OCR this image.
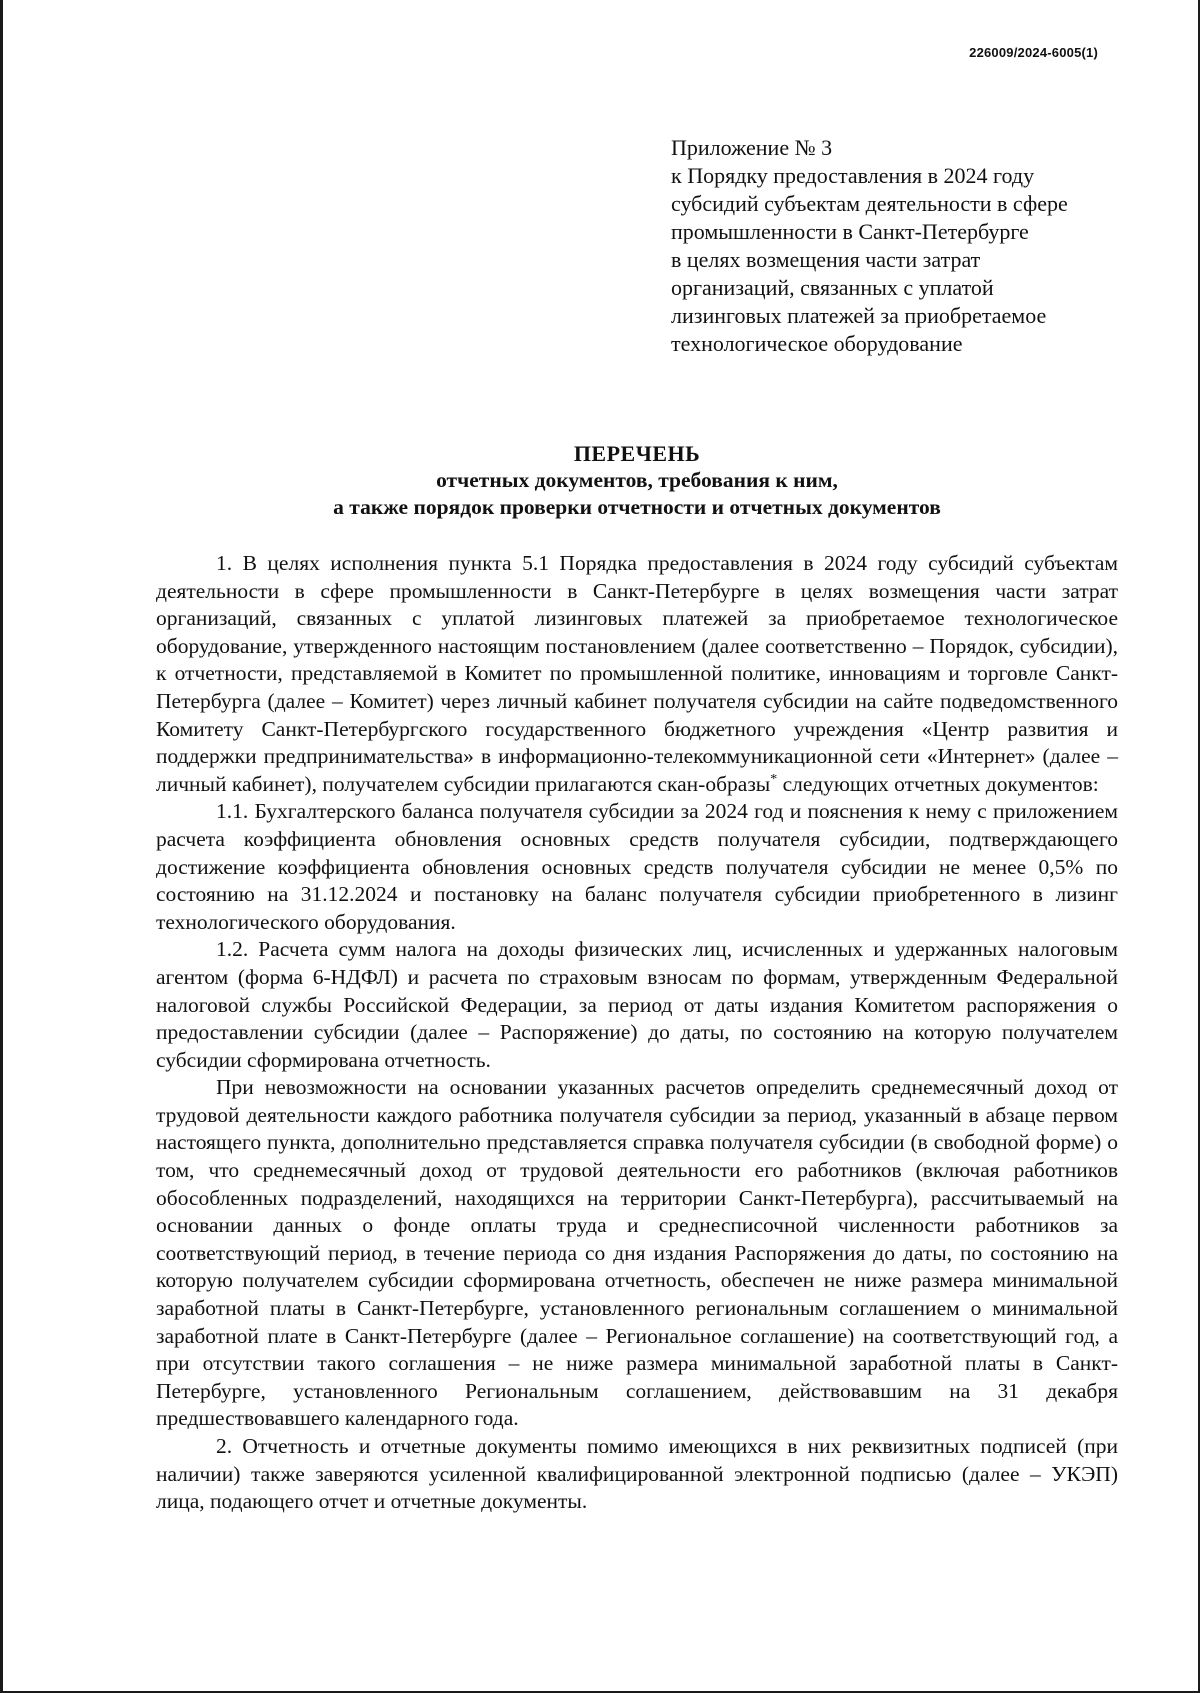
226009/2024-6005(1)
Приложение № 3
к Порядку предоставления в 2024 году
субсидий субъектам деятельности в сфере
промышленности в Санкт-Петербурге
в целях возмещения части затрат
организаций, связанных с уплатой
лизинговых платежей за приобретаемое
технологическое оборудование
ПЕРЕЧЕНЬ
отчетных документов, требования к ним,
а также порядок проверки отчетности и отчетных документов

1. В целях исполнения пункта 5.1 Порядка предоставления в 2024 году субсидий субъектам деятельности в сфере промышленности в Санкт-Петербурге в целях возмещения части затрат организаций, связанных с уплатой лизинговых платежей за приобретаемое технологическое оборудование, утвержденного настоящим постановлением (далее соответственно – Порядок, субсидии), к отчетности, представляемой в Комитет по промышленной политике, инновациям и торговле Санкт-Петербурга (далее – Комитет) через личный кабинет получателя субсидии на сайте подведомственного Комитету Санкт-Петербургского государственного бюджетного учреждения «Центр развития и поддержки предпринимательства» в информационно-телекоммуникационной сети «Интернет» (далее – личный кабинет), получателем субсидии прилагаются скан-образы* следующих отчетных документов:

1.1. Бухгалтерского баланса получателя субсидии за 2024 год и пояснения к нему с приложением расчета коэффициента обновления основных средств получателя субсидии, подтверждающего достижение коэффициента обновления основных средств получателя субсидии не менее 0,5% по состоянию на 31.12.2024 и постановку на баланс получателя субсидии приобретенного в лизинг технологического оборудования.

1.2. Расчета сумм налога на доходы физических лиц, исчисленных и удержанных налоговым агентом (форма 6-НДФЛ) и расчета по страховым взносам по формам, утвержденным Федеральной налоговой службы Российской Федерации, за период от даты издания Комитетом распоряжения о предоставлении субсидии (далее – Распоряжение) до даты, по состоянию на которую получателем субсидии сформирована отчетность.

При невозможности на основании указанных расчетов определить среднемесячный доход от трудовой деятельности каждого работника получателя субсидии за период, указанный в абзаце первом настоящего пункта, дополнительно представляется справка получателя субсидии (в свободной форме) о том, что среднемесячный доход от трудовой деятельности его работников (включая работников обособленных подразделений, находящихся на территории Санкт-Петербурга), рассчитываемый на основании данных о фонде оплаты труда и среднесписочной численности работников за соответствующий период, в течение периода со дня издания Распоряжения до даты, по состоянию на которую получателем субсидии сформирована отчетность, обеспечен не ниже размера минимальной заработной платы в Санкт-Петербурге, установленного региональным соглашением о минимальной заработной плате в Санкт-Петербурге (далее – Региональное соглашение) на соответствующий год, а при отсутствии такого соглашения – не ниже размера минимальной заработной платы в Санкт-Петербурге, установленного Региональным соглашением, действовавшим на 31 декабря предшествовавшего календарного года.

2. Отчетность и отчетные документы помимо имеющихся в них реквизитных подписей (при наличии) также заверяются усиленной квалифицированной электронной подписью (далее – УКЭП) лица, подающего отчет и отчетные документы.
